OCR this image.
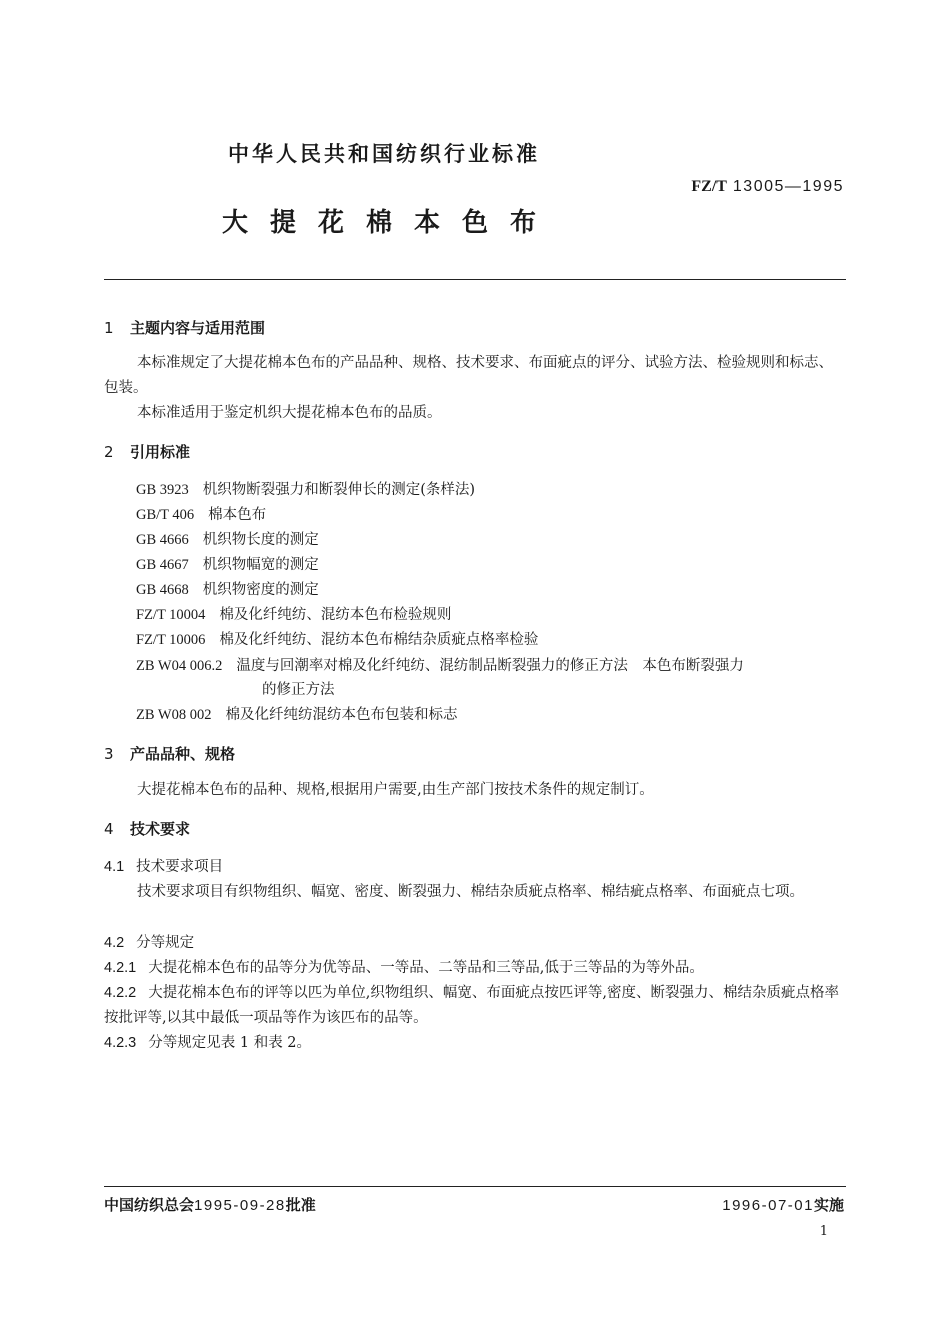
中华人民共和国纺织行业标准
FZ/T 13005—1995
大提花棉本色布
1 主题内容与适用范围
本标准规定了大提花棉本色布的产品品种、规格、技术要求、布面疵点的评分、试验方法、检验规则和标志、包装。
本标准适用于鉴定机织大提花棉本色布的品质。
2 引用标准
GB 3923 机织物断裂强力和断裂伸长的测定(条样法)
GB/T 406 棉本色布
GB 4666 机织物长度的测定
GB 4667 机织物幅宽的测定
GB 4668 机织物密度的测定
FZ/T 10004 棉及化纤纯纺、混纺本色布检验规则
FZ/T 10006 棉及化纤纯纺、混纺本色布棉结杂质疵点格率检验
ZB W04 006.2 温度与回潮率对棉及化纤纯纺、混纺制品断裂强力的修正方法　本色布断裂强力
的修正方法
ZB W08 002 棉及化纤纯纺混纺本色布包装和标志
3 产品品种、规格
大提花棉本色布的品种、规格,根据用户需要,由生产部门按技术条件的规定制订。
4 技术要求
4.1 技术要求项目
技术要求项目有织物组织、幅宽、密度、断裂强力、棉结杂质疵点格率、棉结疵点格率、布面疵点七项。
4.2 分等规定
4.2.1 大提花棉本色布的品等分为优等品、一等品、二等品和三等品,低于三等品的为等外品。
4.2.2 大提花棉本色布的评等以匹为单位,织物组织、幅宽、布面疵点按匹评等,密度、断裂强力、棉结杂质疵点格率按批评等,以其中最低一项品等作为该匹布的品等。
4.2.3 分等规定见表 1 和表 2。
中国纺织总会1995-09-28批准	1996-07-01实施
1
